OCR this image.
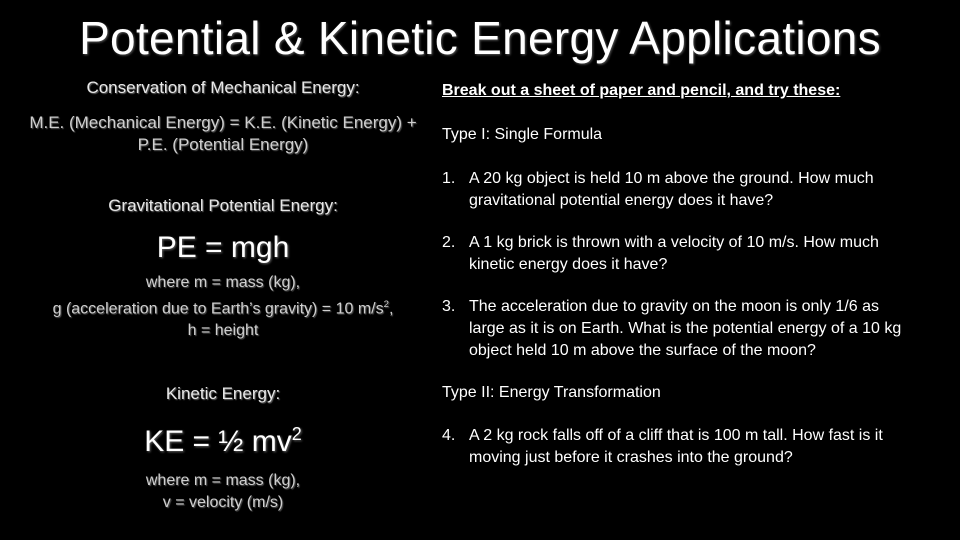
Potential & Kinetic Energy Applications
Conservation of Mechanical Energy:
M.E. (Mechanical Energy) = K.E. (Kinetic Energy) + P.E. (Potential Energy)
Gravitational Potential Energy:
PE = mgh
where m = mass (kg),
g (acceleration due to Earth’s gravity) = 10 $m/s^2$,
h = height
Kinetic Energy:
KE = ½ $mv^2$
where m = mass (kg),
v = velocity (m/s)
Break out a sheet of paper and pencil, and try these:
Type I: Single Formula
1. A 20 kg object is held 10 m above the ground. How much gravitational potential energy does it have?
2. A 1 kg brick is thrown with a velocity of 10 m/s. How much kinetic energy does it have?
3. The acceleration due to gravity on the moon is only 1/6 as large as it is on Earth. What is the potential energy of a 10 kg object held 10 m above the surface of the moon?
Type II: Energy Transformation
4. A 2 kg rock falls off of a cliff that is 100 m tall. How fast is it moving just before it crashes into the ground?
